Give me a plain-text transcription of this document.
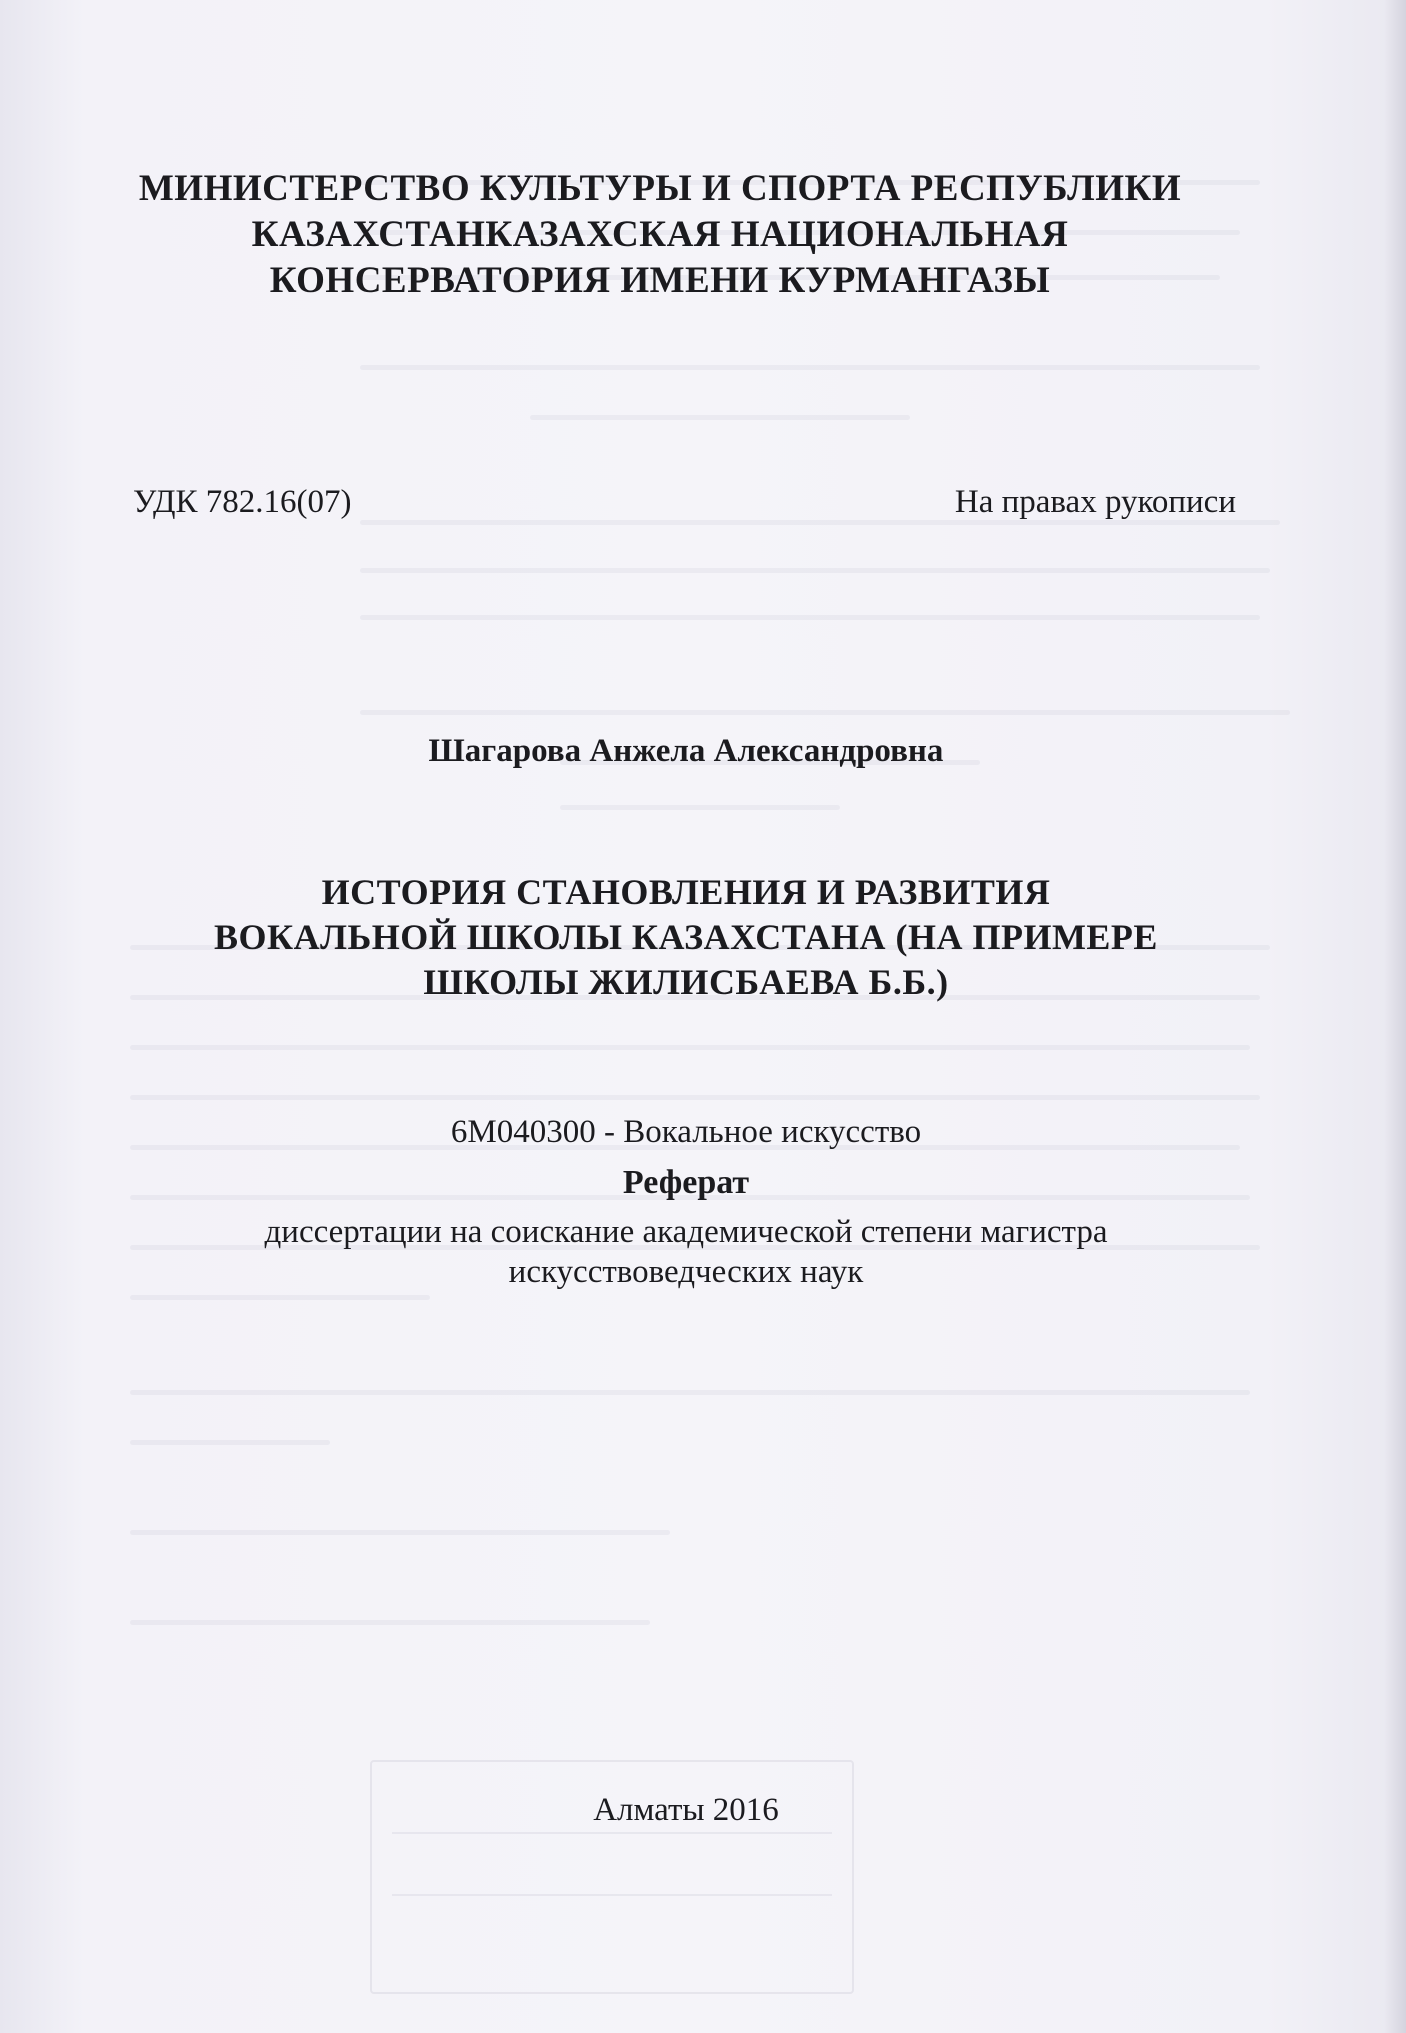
МИНИСТЕРСТВО КУЛЬТУРЫ И СПОРТА РЕСПУБЛИКИ
КАЗАХСТАНКАЗАХСКАЯ НАЦИОНАЛЬНАЯ
КОНСЕРВАТОРИЯ ИМЕНИ КУРМАНГАЗЫ
УДК 782.16(07)	На правах рукописи
Шагарова Анжела Александровна
ИСТОРИЯ СТАНОВЛЕНИЯ И РАЗВИТИЯ
ВОКАЛЬНОЙ ШКОЛЫ КАЗАХСТАНА (НА ПРИМЕРЕ
ШКОЛЫ ЖИЛИСБАЕВА Б.Б.)
6М040300 - Вокальное искусство
Реферат
диссертации на соискание академической степени магистра
искусствоведческих наук
Алматы 2016
